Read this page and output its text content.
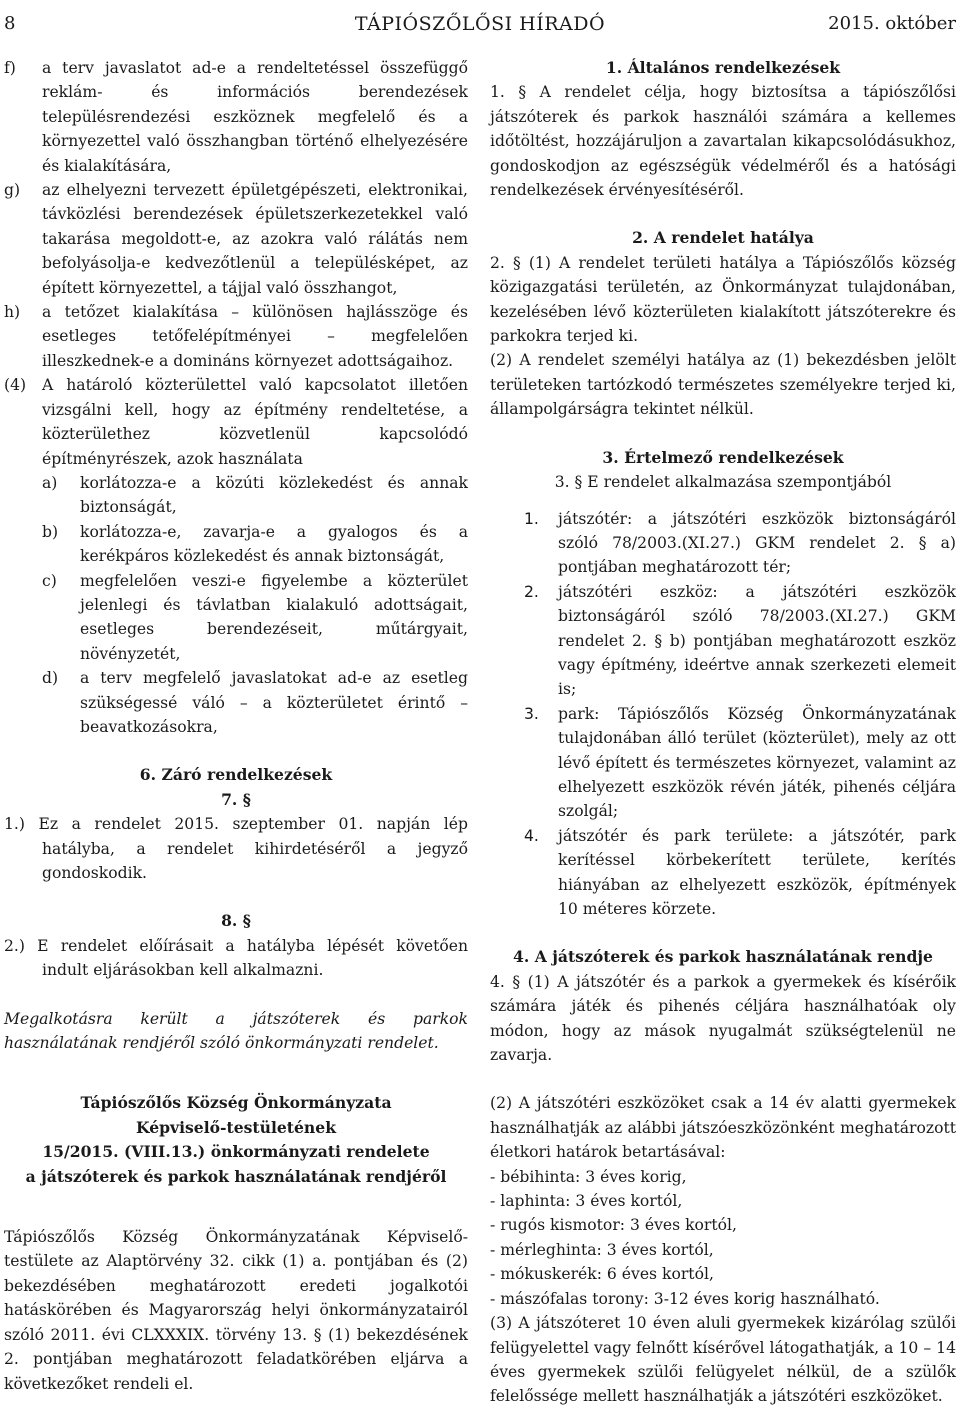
8	TÁPIÓSZŐLŐSI HÍRADÓ	2015. október
f)	a terv javaslatot ad-e a rendeltetéssel összefüggő reklám- és információs berendezések településrendezési eszköznek megfelelő és a környezettel való összhangban történő elhelyezésére és kialakítására,
g)	az elhelyezni tervezett épületgépészeti, elektronikai, távközlési berendezések épületszerkezetekkel való takarása megoldott-e, az azokra való rálátás nem befolyásolja-e kedvezőtlenül a településképet, az épített környezettel, a tájjal való összhangot,
h)	a tetőzet kialakítása – különösen hajlásszöge és esetleges tetőfelépítményei – megfelelően illeszkednek-e a domináns környezet adottságaihoz.
(4)	A határoló közterülettel való kapcsolatot illetően vizsgálni kell, hogy az építmény rendeltetése, a közterülethez közvetlenül kapcsolódó építményrészek, azok használata
a)	korlátozza-e a közúti közlekedést és annak biztonságát,
b)	korlátozza-e, zavarja-e a gyalogos és a kerékpáros közlekedést és annak biztonságát,
c)	megfelelően veszi-e figyelembe a közterület jelenlegi és távlatban kialakuló adottságait, esetleges berendezéseit, műtárgyait, növényzetét,
d)	a terv megfelelő javaslatokat ad-e az esetleg szükségessé váló – a közterületet érintő – beavatkozásokra,
6. Záró rendelkezések
7. §

1.) Ez a rendelet 2015. szeptember 01. napján lép hatályba, a rendelet kihirdetéséről a jegyző gondoskodik.

8. §

2.) E rendelet előírásait a hatályba lépését követően indult eljárásokban kell alkalmazni.

Megalkotásra került a játszóterek és parkok használatának rendjéről szóló önkormányzati rendelet.

Tápiószőlős Község Önkormányzata
Képviselő-testületének
15/2015. (VIII.13.) önkormányzati rendelete
a játszóterek és parkok használatának rendjéről

Tápiószőlős Község Önkormányzatának Képviselő-testülete az Alaptörvény 32. cikk (1) a. pontjában és (2) bekezdésében meghatározott eredeti jogalkotói hatáskörében és Magyarország helyi önkormányzatairól szóló 2011. évi CLXXXIX. törvény 13. § (1) bekezdésének 2. pontjában meghatározott feladatkörében eljárva a következőket rendeli el.

1. Általános rendelkezések

1. § A rendelet célja, hogy biztosítsa a tápiószőlősi játszóterek és parkok használói számára a kellemes időtöltést, hozzájáruljon a zavartalan kikapcsolódásukhoz, gondoskodjon az egészségük védelméről és a hatósági rendelkezések érvényesítéséről.

2. A rendelet hatálya

2. § (1) A rendelet területi hatálya a Tápiószőlős község közigazgatási területén, az Önkormányzat tulajdonában, kezelésében lévő közterületen kialakított játszóterekre és parkokra terjed ki.

(2) A rendelet személyi hatálya az (1) bekezdésben jelölt területeken tartózkodó természetes személyekre terjed ki, állampolgárságra tekintet nélkül.

3. Értelmező rendelkezések
3. § E rendelet alkalmazása szempontjából
1.	játszótér: a játszótéri eszközök biztonságáról szóló 78/2003.(XI.27.) GKM rendelet 2. § a) pontjában meghatározott tér;
2.	játszótéri eszköz: a játszótéri eszközök biztonságáról szóló 78/2003.(XI.27.) GKM rendelet 2. § b) pontjában meghatározott eszköz vagy építmény, ideértve annak szerkezeti elemeit is;
3.	park: Tápiószőlős Község Önkormányzatának tulajdonában álló terület (közterület), mely az ott lévő épített és természetes környezet, valamint az elhelyezett eszközök révén játék, pihenés céljára szolgál;
4.	játszótér és park területe: a játszótér, park kerítéssel körbekerített területe, kerítés hiányában az elhelyezett eszközök, építmények 10 méteres körzete.
4. A játszóterek és parkok használatának rendje

4. § (1) A játszótér és a parkok a gyermekek és kísérőik számára játék és pihenés céljára használhatóak oly módon, hogy az mások nyugalmát szükségtelenül ne zavarja.

(2) A játszótéri eszközöket csak a 14 év alatti gyermekek használhatják az alábbi játszóeszközönként meghatározott életkori határok betartásával:

- bébihinta: 3 éves korig,
- laphinta: 3 éves kortól,
- rugós kismotor: 3 éves kortól,
- mérleghinta: 3 éves kortól,
- mókuskerék: 6 éves kortól,
- mászófalas torony: 3-12 éves korig használható.

(3) A játszóteret 10 éven aluli gyermekek kizárólag szülői felügyelettel vagy felnőtt kísérővel látogathatják, a 10 – 14 éves gyermekek szülői felügyelet nélkül, de a szülők felelőssége mellett használhatják a játszótéri eszközöket.
